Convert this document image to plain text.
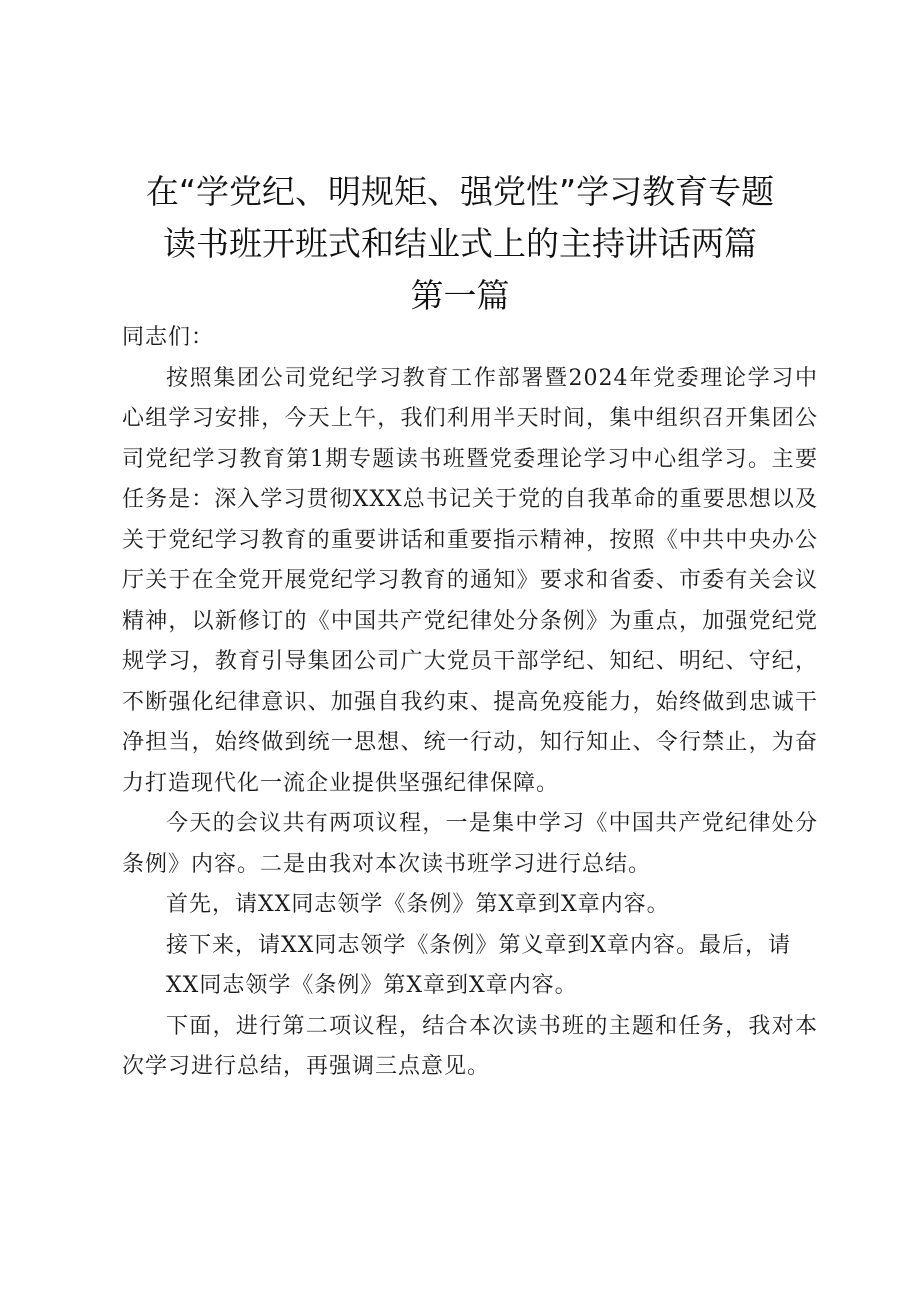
在“学党纪、明规矩、强党性”学习教育专题
读书班开班式和结业式上的主持讲话两篇
第一篇

同志们：

按照集团公司党纪学习教育工作部署暨2024年党委理论学习中心组学习安排，今天上午，我们利用半天时间，集中组织召开集团公司党纪学习教育第1期专题读书班暨党委理论学习中心组学习。主要任务是：深入学习贯彻XXX总书记关于党的自我革命的重要思想以及关于党纪学习教育的重要讲话和重要指示精神，按照《中共中央办公厅关于在全党开展党纪学习教育的通知》要求和省委、市委有关会议精神，以新修订的《中国共产党纪律处分条例》为重点，加强党纪党规学习，教育引导集团公司广大党员干部学纪、知纪、明纪、守纪，不断强化纪律意识、加强自我约束、提高免疫能力，始终做到忠诚干净担当，始终做到统一思想、统一行动，知行知止、令行禁止，为奋力打造现代化一流企业提供坚强纪律保障。

今天的会议共有两项议程，一是集中学习《中国共产党纪律处分条例》内容。二是由我对本次读书班学习进行总结。

首先，请XX同志领学《条例》第X章到X章内容。

接下来，请XX同志领学《条例》第义章到X章内容。最后，请

XX同志领学《条例》第X章到X章内容。

下面，进行第二项议程，结合本次读书班的主题和任务，我对本次学习进行总结，再强调三点意见。
